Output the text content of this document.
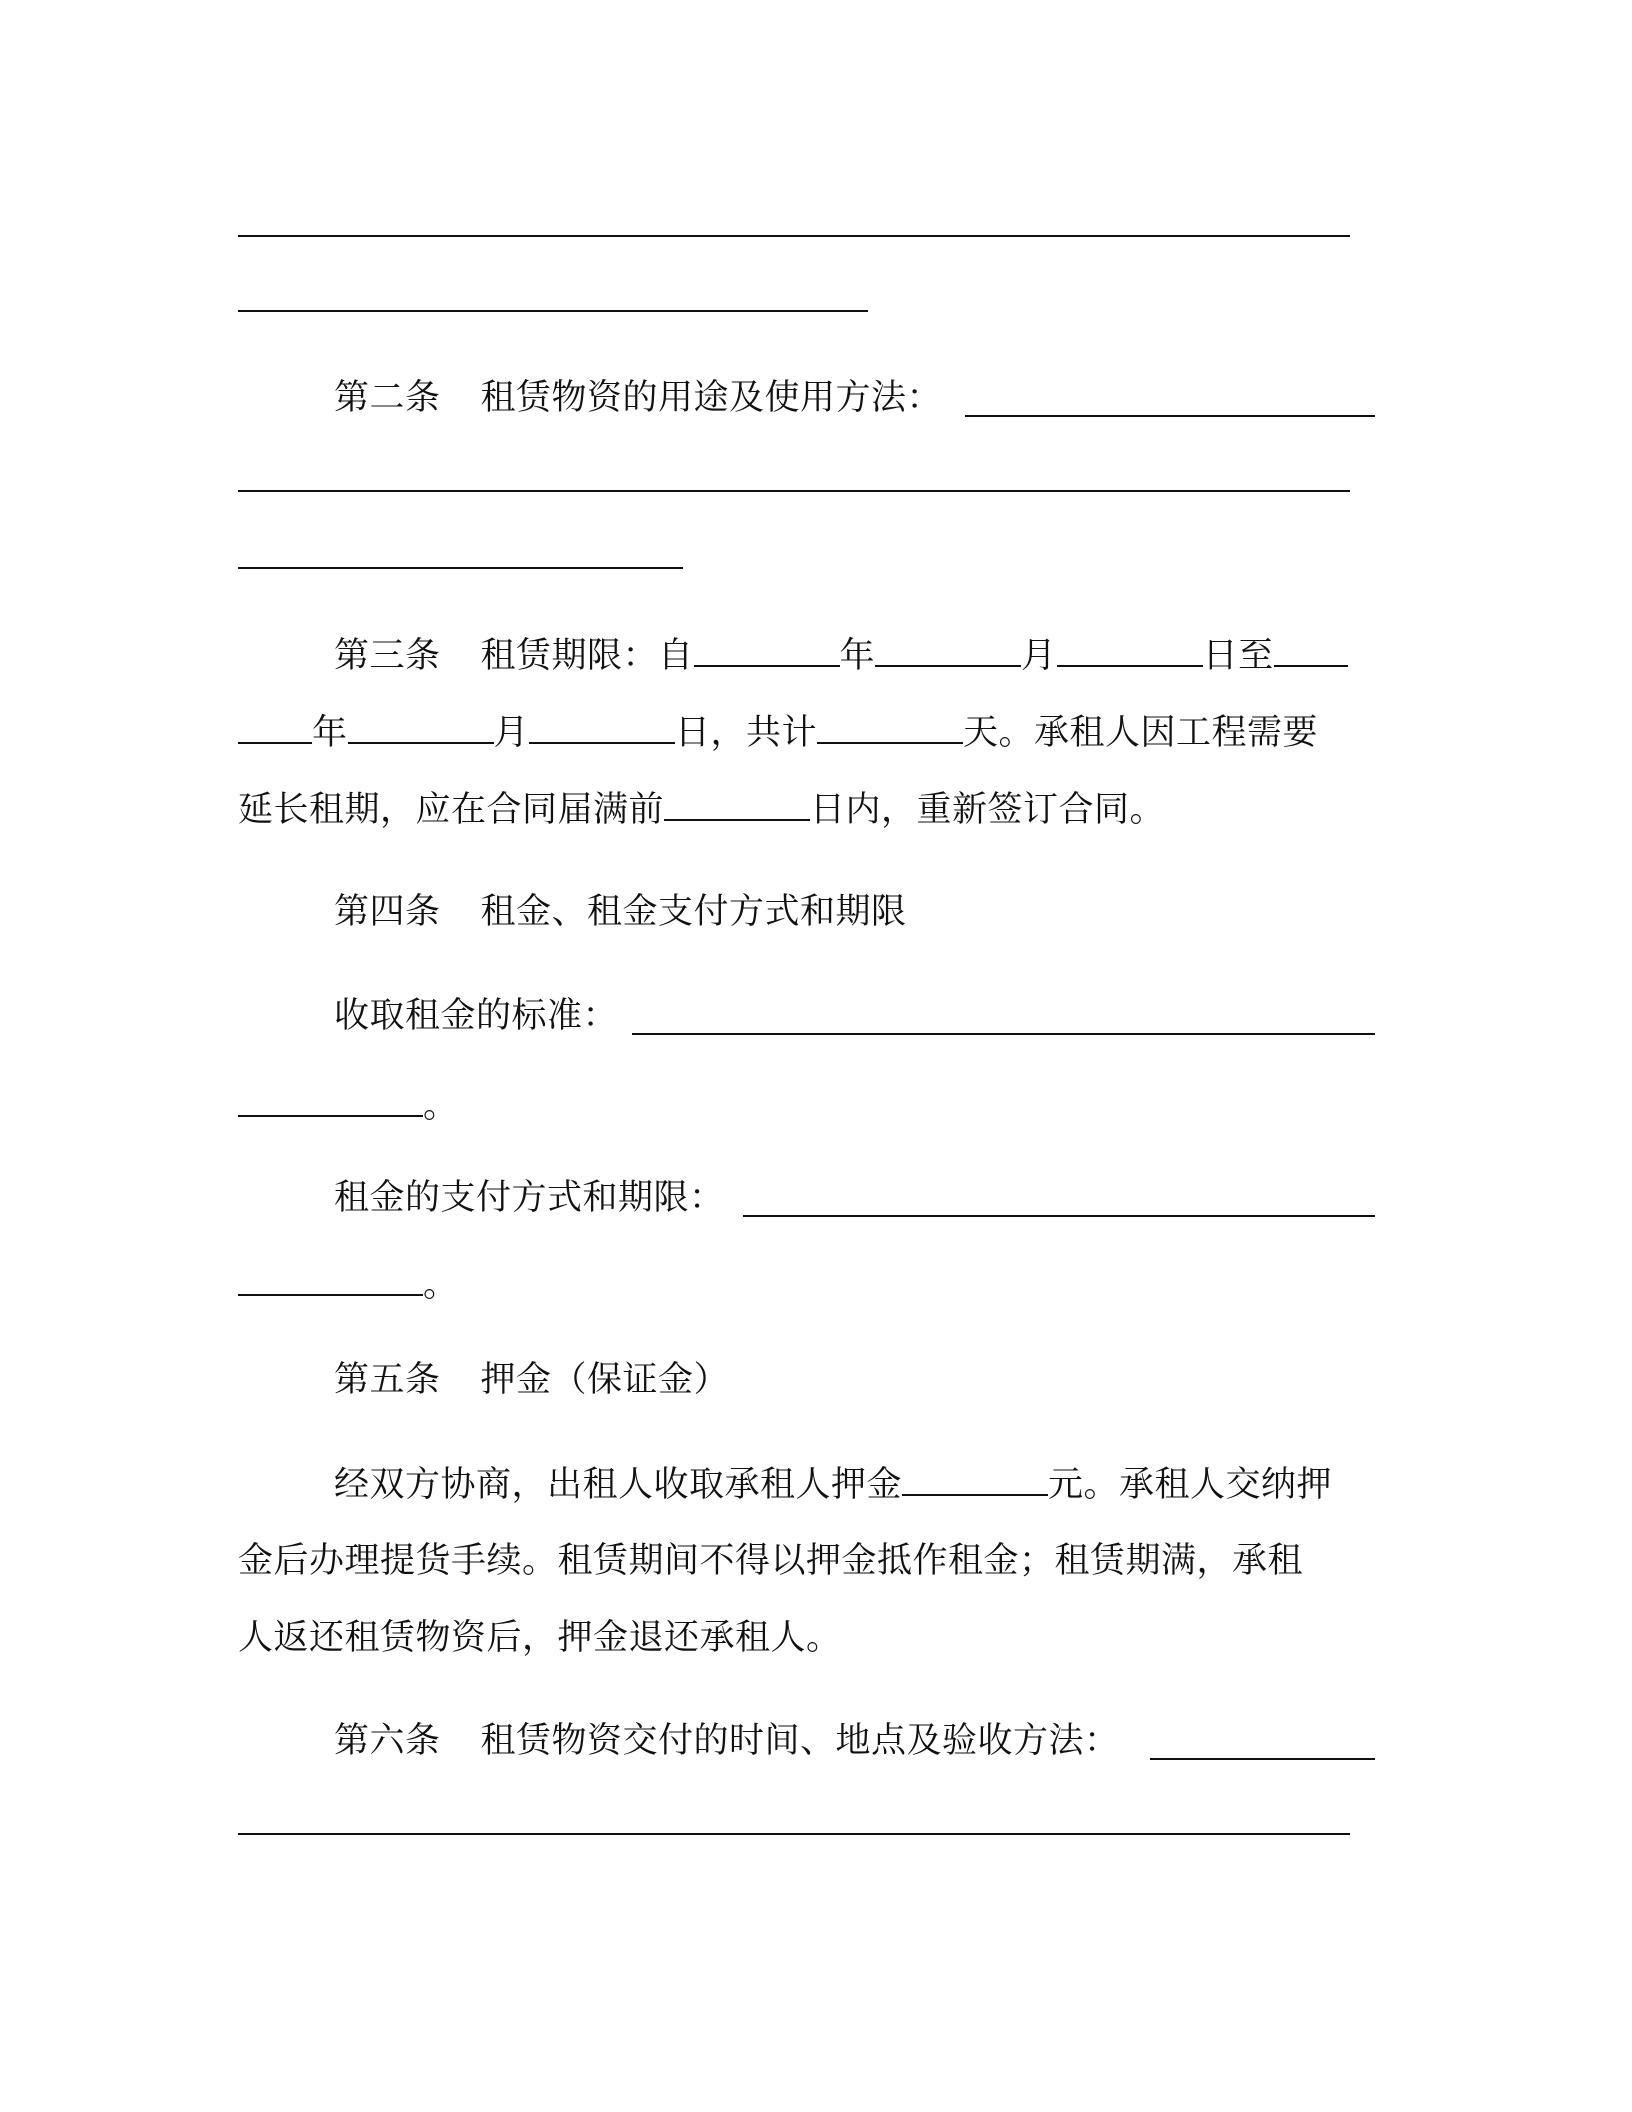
第二条 租赁物资的用途及使用方法：
第三条 租赁期限：自	年	月	日至
年	月	日，共计	天。承租人因工程需要
延长租期，应在合同届满前	日内，重新签订合同。
第四条 租金、租金支付方式和期限
收取租金的标准：
。
租金的支付方式和期限：
。
第五条 押金（保证金）
经双方协商，出租人收取承租人押金	元。承租人交纳押
金后办理提货手续。租赁期间不得以押金抵作租金；租赁期满，承租
人返还租赁物资后，押金退还承租人。
第六条 租赁物资交付的时间、地点及验收方法：
